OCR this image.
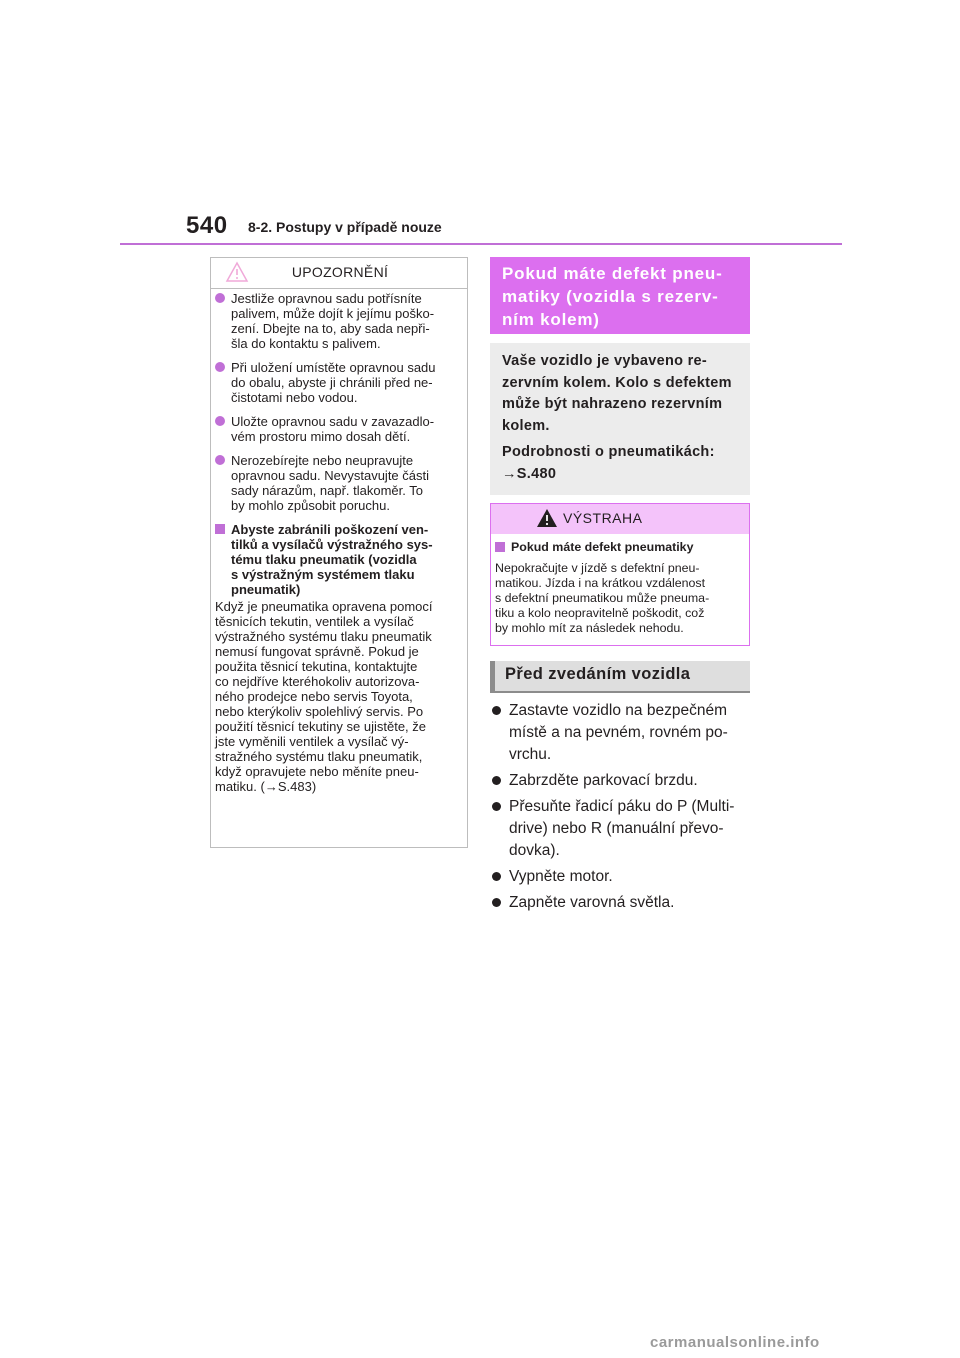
540 8-2. Postupy v případě nouze
UPOZORNĚNÍ
Jestliže opravnou sadu potřísníte
palivem, může dojít k jejímu poško-
zení. Dbejte na to, aby sada nepři-
šla do kontaktu s palivem.
Při uložení umístěte opravnou sadu
do obalu, abyste ji chránili před ne-
čistotami nebo vodou.
Uložte opravnou sadu v zavazadlo-
vém prostoru mimo dosah dětí.
Nerozebírejte nebo neupravujte
opravnou sadu. Nevystavujte části
sady nárazům, např. tlakoměr. To
by mohlo způsobit poruchu.
Abyste zabránili poškození ven-
tilků a vysílačů výstražného sys-
tému tlaku pneumatik (vozidla
s výstražným systémem tlaku
pneumatik)
Když je pneumatika opravena pomocí
těsnicích tekutin, ventilek a vysílač
výstražného systému tlaku pneumatik
nemusí fungovat správně. Pokud je
použita těsnicí tekutina, kontaktujte
co nejdříve kteréhokoliv autorizova-
ného prodejce nebo servis Toyota,
nebo kterýkoliv spolehlivý servis. Po
použití těsnicí tekutiny se ujistěte, že
jste vyměnili ventilek a vysílač vý-
stražného systému tlaku pneumatik,
když opravujete nebo měníte pneu-
matiku. (→S.483)
Pokud máte defekt pneu-
matiky (vozidla s rezerv-
ním kolem)
Vaše vozidlo je vybaveno re-
zervním kolem. Kolo s defektem
může být nahrazeno rezervním
kolem.
Podrobnosti o pneumatikách:
→S.480
VÝSTRAHA
Pokud máte defekt pneumatiky
Nepokračujte v jízdě s defektní pneu-
matikou. Jízda i na krátkou vzdálenost
s defektní pneumatikou může pneuma-
tiku a kolo neopravitelně poškodit, což
by mohlo mít za následek nehodu.
Před zvedáním vozidla
Zastavte vozidlo na bezpečném
místě a na pevném, rovném po-
vrchu.
Zabrzděte parkovací brzdu.
Přesuňte řadicí páku do P (Multi-
drive) nebo R (manuální převo-
dovka).
Vypněte motor.
Zapněte varovná světla.
carmanualsonline.info
